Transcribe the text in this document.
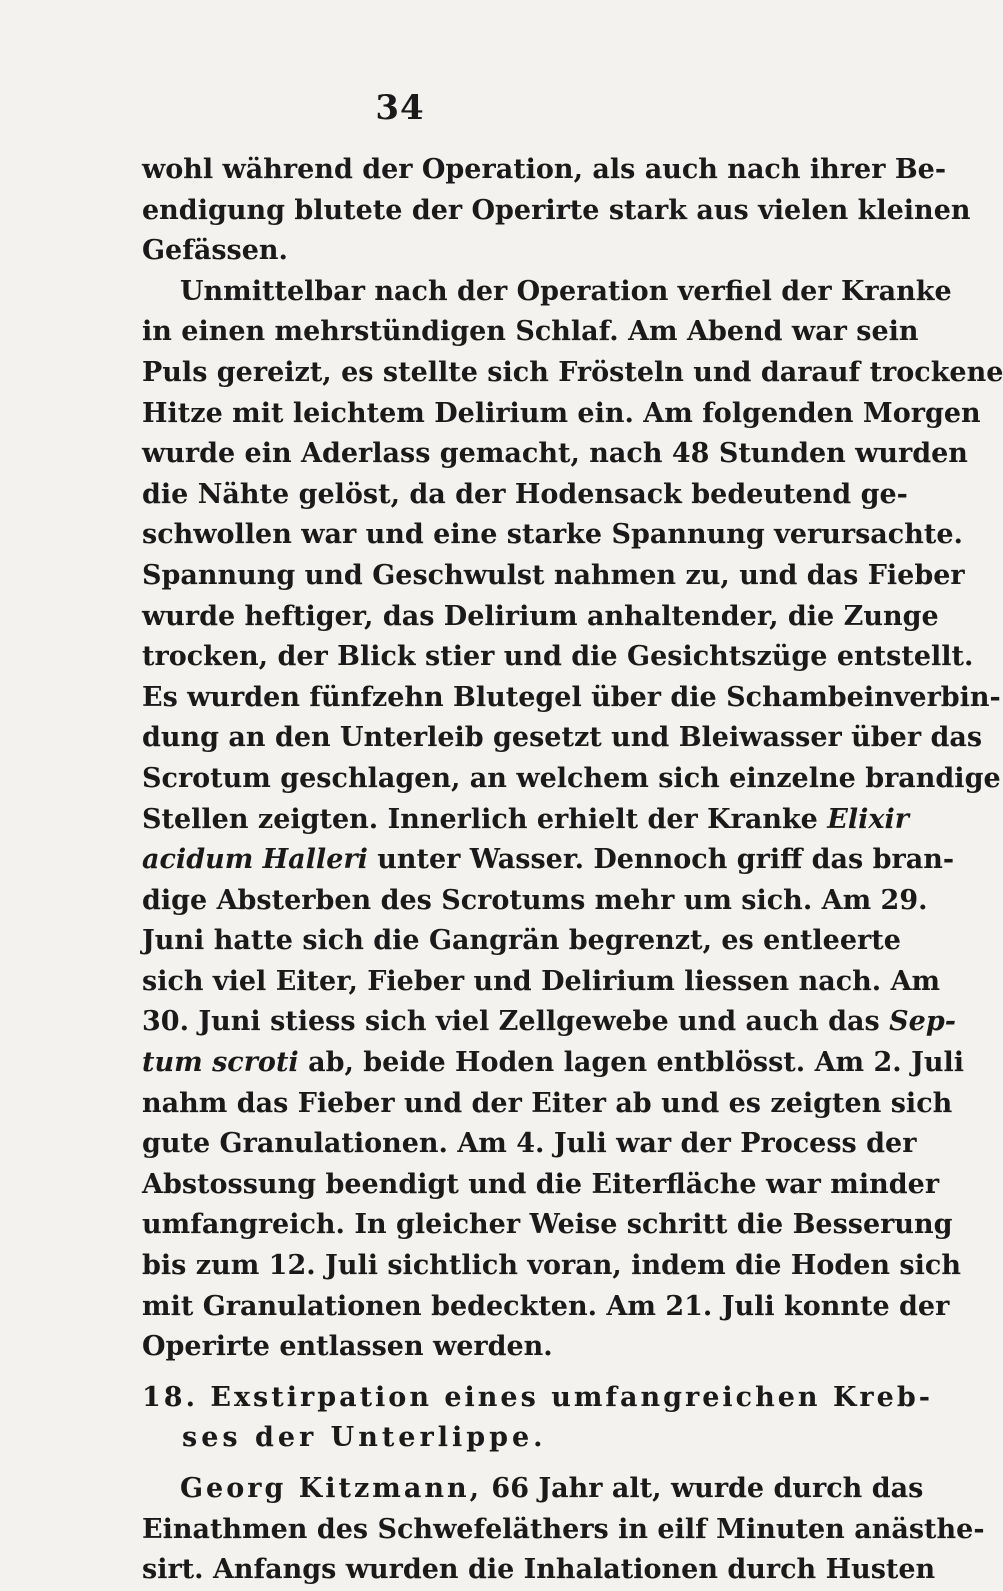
34
wohl während der Operation, als auch nach ihrer Be-
endigung blutete der Operirte stark aus vielen kleinen
Gefässen.
Unmittelbar nach der Operation verfiel der Kranke
in einen mehrstündigen Schlaf. Am Abend war sein
Puls gereizt, es stellte sich Frösteln und darauf trockene
Hitze mit leichtem Delirium ein. Am folgenden Morgen
wurde ein Aderlass gemacht, nach 48 Stunden wurden
die Nähte gelöst, da der Hodensack bedeutend ge-
schwollen war und eine starke Spannung verursachte.
Spannung und Geschwulst nahmen zu, und das Fieber
wurde heftiger, das Delirium anhaltender, die Zunge
trocken, der Blick stier und die Gesichtszüge entstellt.
Es wurden fünfzehn Blutegel über die Schambeinverbin-
dung an den Unterleib gesetzt und Bleiwasser über das
Scrotum geschlagen, an welchem sich einzelne brandige
Stellen zeigten. Innerlich erhielt der Kranke Elixir
acidum Halleri unter Wasser. Dennoch griff das bran-
dige Absterben des Scrotums mehr um sich. Am 29.
Juni hatte sich die Gangrän begrenzt, es entleerte
sich viel Eiter, Fieber und Delirium liessen nach. Am
30. Juni stiess sich viel Zellgewebe und auch das Sep-
tum scroti ab, beide Hoden lagen entblösst. Am 2. Juli
nahm das Fieber und der Eiter ab und es zeigten sich
gute Granulationen. Am 4. Juli war der Process der
Abstossung beendigt und die Eiterfläche war minder
umfangreich. In gleicher Weise schritt die Besserung
bis zum 12. Juli sichtlich voran, indem die Hoden sich
mit Granulationen bedeckten. Am 21. Juli konnte der
Operirte entlassen werden.
18. Exstirpation eines umfangreichen Kreb-
ses der Unterlippe.
Georg Kitzmann, 66 Jahr alt, wurde durch das
Einathmen des Schwefeläthers in eilf Minuten anästhe-
sirt. Anfangs wurden die Inhalationen durch Husten
